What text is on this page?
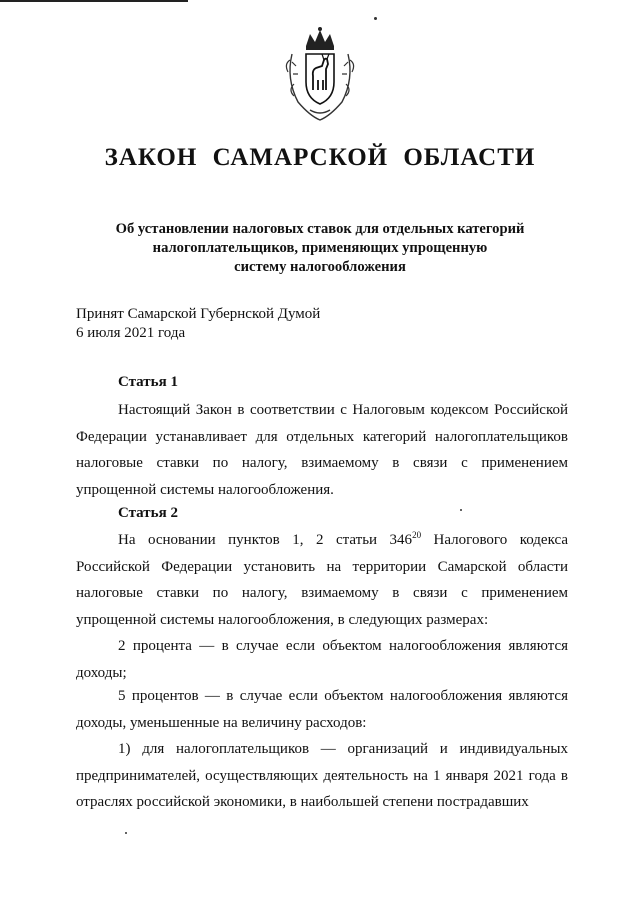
ЗАКОН САМАРСКОЙ ОБЛАСТИ
Об установлении налоговых ставок для отдельных категорий
налогоплательщиков, применяющих упрощенную
систему налогообложения
Принят Самарской Губернской Думой
6 июля 2021 года
Статья 1
Настоящий Закон в соответствии с Налоговым кодексом Российской Федерации устанавливает для отдельных категорий налогоплательщиков налоговые ставки по налогу, взимаемому в связи с применением упрощенной системы налогообложения.
Статья 2
На основании пунктов 1, 2 статьи $346^{20}$ Налогового кодекса Российской Федерации установить на территории Самарской области налоговые ставки по налогу, взимаемому в связи с применением упрощенной системы налогообложения, в следующих размерах:
2 процента — в случае если объектом налогообложения являются доходы;
5 процентов — в случае если объектом налогообложения являются доходы, уменьшенные на величину расходов:
1) для налогоплательщиков — организаций и индивидуальных предпринимателей, осуществляющих деятельность на 1 января 2021 года в отраслях российской экономики, в наибольшей степени пострадавших
